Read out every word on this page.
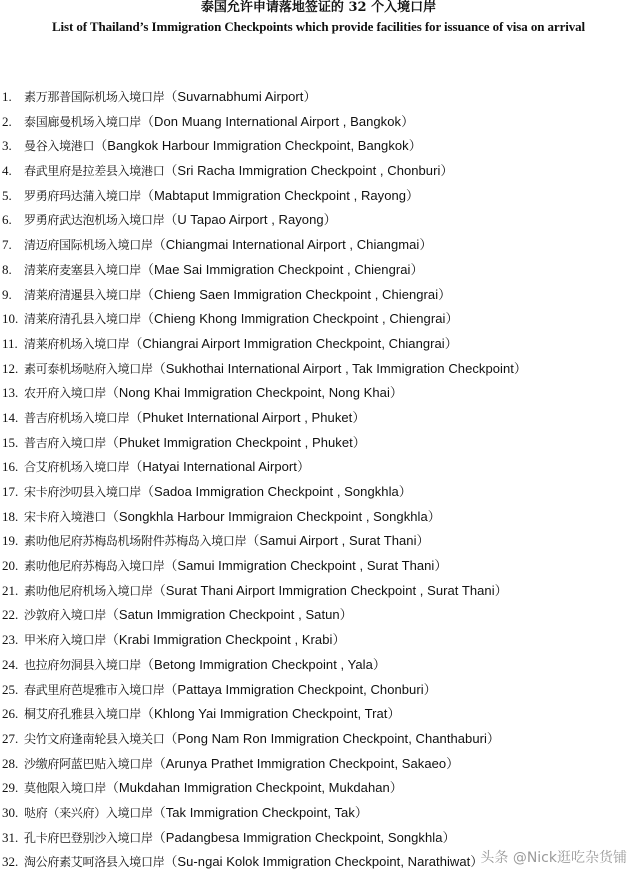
泰国允许申请落地签证的 32 个入境口岸
List of Thailand’s Immigration Checkpoints which provide facilities for issuance of visa on arrival
1. 素万那普国际机场入境口岸（Suvarnabhumi Airport）
2. 泰国廊曼机场入境口岸（Don Muang International Airport , Bangkok）
3. 曼谷入境港口（Bangkok Harbour Immigration Checkpoint, Bangkok）
4. 春武里府是拉差县入境港口（Sri Racha Immigration Checkpoint , Chonburi）
5. 罗勇府玛达蒲入境口岸（Mabtaput Immigration Checkpoint , Rayong）
6. 罗勇府武达泡机场入境口岸（U Tapao Airport , Rayong）
7. 清迈府国际机场入境口岸（Chiangmai International Airport , Chiangmai）
8. 清莱府麦塞县入境口岸（Mae Sai Immigration Checkpoint , Chiengrai）
9. 清莱府清暹县入境口岸（Chieng Saen Immigration Checkpoint , Chiengrai）
10. 清莱府清孔县入境口岸（Chieng Khong Immigration Checkpoint , Chiengrai）
11. 清莱府机场入境口岸（Chiangrai Airport Immigration Checkpoint, Chiangrai）
12. 素可泰机场哒府入境口岸（Sukhothai International Airport , Tak Immigration Checkpoint）
13. 农开府入境口岸（Nong Khai Immigration Checkpoint, Nong Khai）
14. 普吉府机场入境口岸（Phuket International Airport , Phuket）
15. 普吉府入境口岸（Phuket Immigration Checkpoint , Phuket）
16. 合艾府机场入境口岸（Hatyai International Airport）
17. 宋卡府沙叨县入境口岸（Sadoa Immigration Checkpoint , Songkhla）
18. 宋卡府入境港口（Songkhla Harbour Immigraion Checkpoint , Songkhla）
19. 素叻他尼府苏梅岛机场附件苏梅岛入境口岸（Samui Airport , Surat Thani）
20. 素叻他尼府苏梅岛入境口岸（Samui Immigration Checkpoint , Surat Thani）
21. 素叻他尼府机场入境口岸（Surat Thani Airport Immigration Checkpoint , Surat Thani）
22. 沙敦府入境口岸（Satun Immigration Checkpoint , Satun）
23. 甲米府入境口岸（Krabi Immigration Checkpoint , Krabi）
24. 也拉府勿洞县入境口岸（Betong Immigration Checkpoint , Yala）
25. 春武里府芭堤雅市入境口岸（Pattaya Immigration Checkpoint, Chonburi）
26. 桐艾府孔雅县入境口岸（Khlong Yai Immigration Checkpoint, Trat）
27. 尖竹文府逢南轮县入境关口（Pong Nam Ron Immigration Checkpoint, Chanthaburi）
28. 沙缴府阿蓝巴贴入境口岸（Arunya Prathet Immigration Checkpoint, Sakaeo）
29. 莫他限入境口岸（Mukdahan Immigration Checkpoint, Mukdahan）
30. 哒府（来兴府）入境口岸（Tak Immigration Checkpoint, Tak）
31. 孔卡府巴登别沙入境口岸（Padangbesa Immigration Checkpoint, Songkhla）
32. 淘公府素艾呵洛县入境口岸（Su-ngai Kolok Immigration Checkpoint, Narathiwat）
头条 @Nick逛吃杂货铺
